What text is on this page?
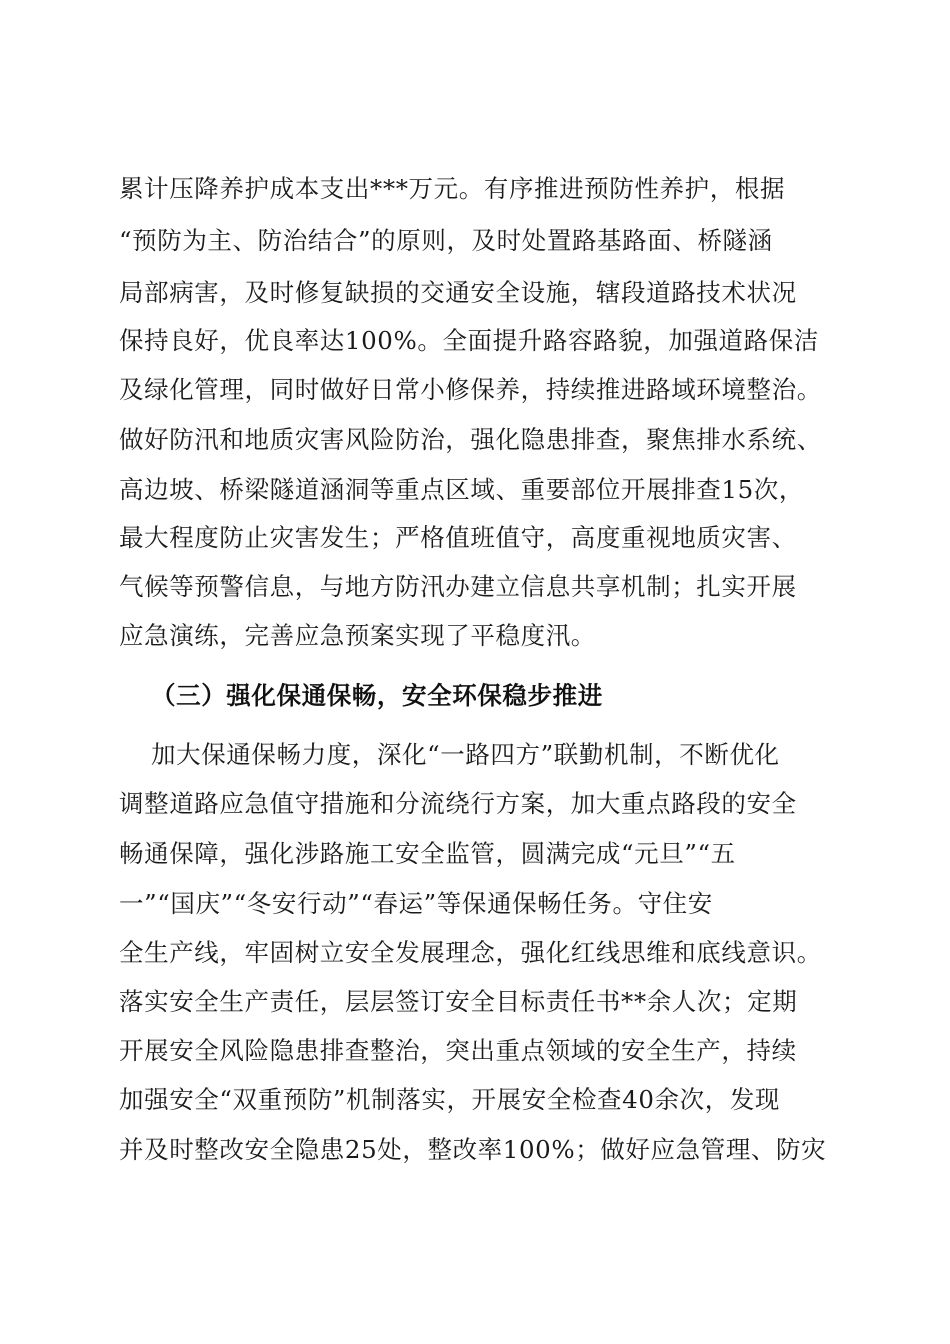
累计压降养护成本支出***万元。有序推进预防性养护，根据
“预防为主、防治结合”的原则，及时处置路基路面、桥隧涵
局部病害，及时修复缺损的交通安全设施，辖段道路技术状况
保持良好，优良率达100%。全面提升路容路貌，加强道路保洁
及绿化管理，同时做好日常小修保养，持续推进路域环境整治。
做好防汛和地质灾害风险防治，强化隐患排查，聚焦排水系统、
高边坡、桥梁隧道涵洞等重点区域、重要部位开展排查15次，
最大程度防止灾害发生；严格值班值守，高度重视地质灾害、
气候等预警信息，与地方防汛办建立信息共享机制；扎实开展
应急演练，完善应急预案实现了平稳度汛。
（三）强化保通保畅，安全环保稳步推进
加大保通保畅力度，深化“一路四方”联勤机制，不断优化
调整道路应急值守措施和分流绕行方案，加大重点路段的安全
畅通保障，强化涉路施工安全监管，圆满完成“元旦”“五
一”“国庆”“冬安行动”“春运”等保通保畅任务。守住安
全生产线，牢固树立安全发展理念，强化红线思维和底线意识。
落实安全生产责任，层层签订安全目标责任书**余人次；定期
开展安全风险隐患排查整治，突出重点领域的安全生产，持续
加强安全“双重预防”机制落实，开展安全检查40余次，发现
并及时整改安全隐患25处，整改率100%；做好应急管理、防灾
